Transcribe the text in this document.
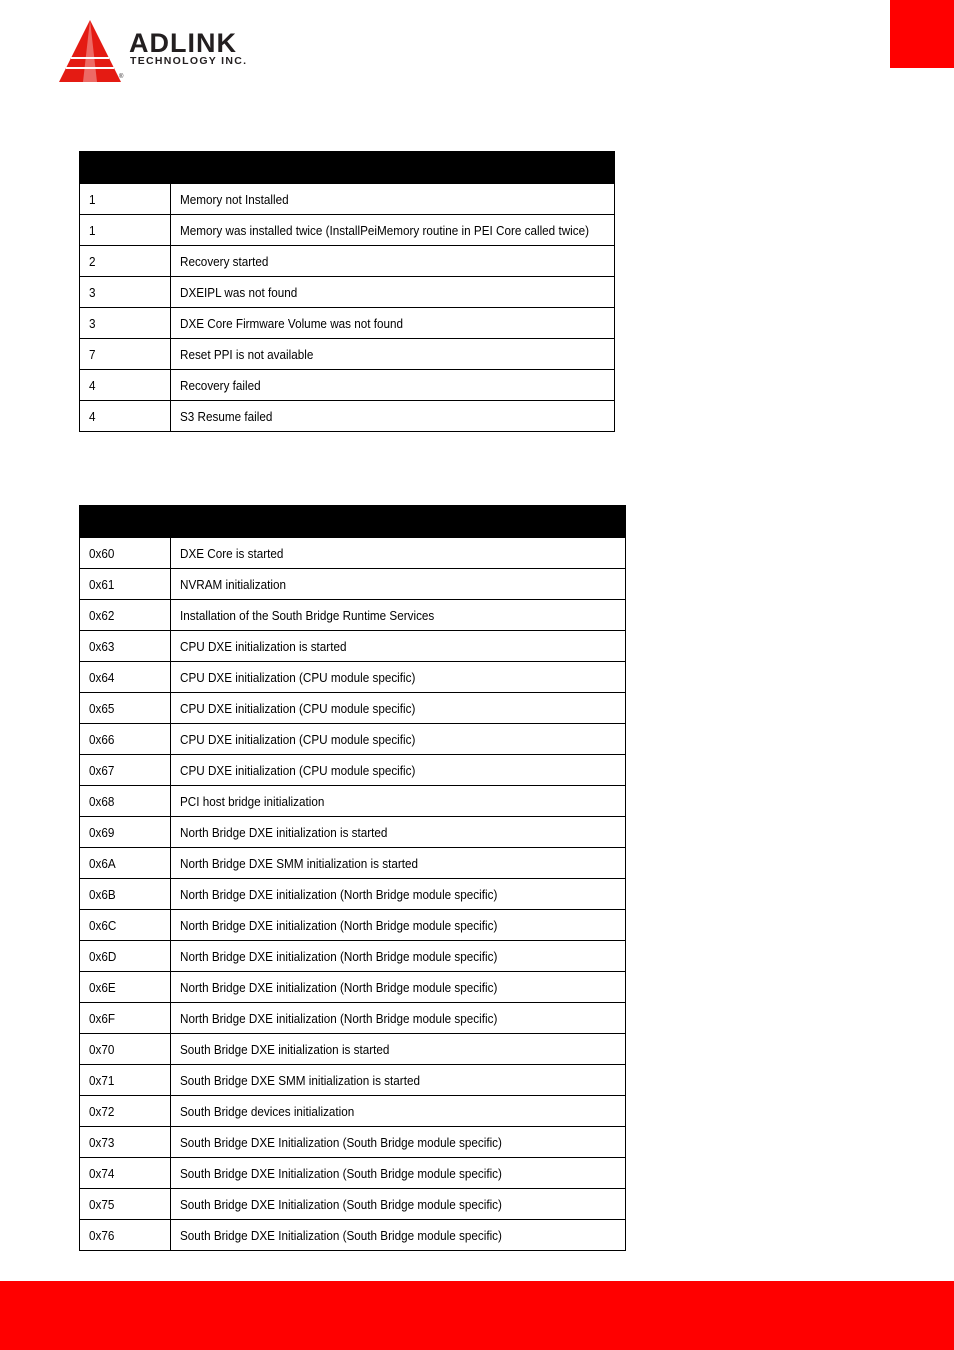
ADLINK
TECHNOLOGY INC.
®

1	Memory not Installed
1	Memory was installed twice (InstallPeiMemory routine in PEI Core called twice)
2	Recovery started
3	DXEIPL was not found
3	DXE Core Firmware Volume was not found
7	Reset PPI is not available
4	Recovery failed
4	S3 Resume failed

0x60	DXE Core is started
0x61	NVRAM initialization
0x62	Installation of the South Bridge Runtime Services
0x63	CPU DXE initialization is started
0x64	CPU DXE initialization (CPU module specific)
0x65	CPU DXE initialization (CPU module specific)
0x66	CPU DXE initialization (CPU module specific)
0x67	CPU DXE initialization (CPU module specific)
0x68	PCI host bridge initialization
0x69	North Bridge DXE initialization is started
0x6A	North Bridge DXE SMM initialization is started
0x6B	North Bridge DXE initialization (North Bridge module specific)
0x6C	North Bridge DXE initialization (North Bridge module specific)
0x6D	North Bridge DXE initialization (North Bridge module specific)
0x6E	North Bridge DXE initialization (North Bridge module specific)
0x6F	North Bridge DXE initialization (North Bridge module specific)
0x70	South Bridge DXE initialization is started
0x71	South Bridge DXE SMM initialization is started
0x72	South Bridge devices initialization
0x73	South Bridge DXE Initialization (South Bridge module specific)
0x74	South Bridge DXE Initialization (South Bridge module specific)
0x75	South Bridge DXE Initialization (South Bridge module specific)
0x76	South Bridge DXE Initialization (South Bridge module specific)
